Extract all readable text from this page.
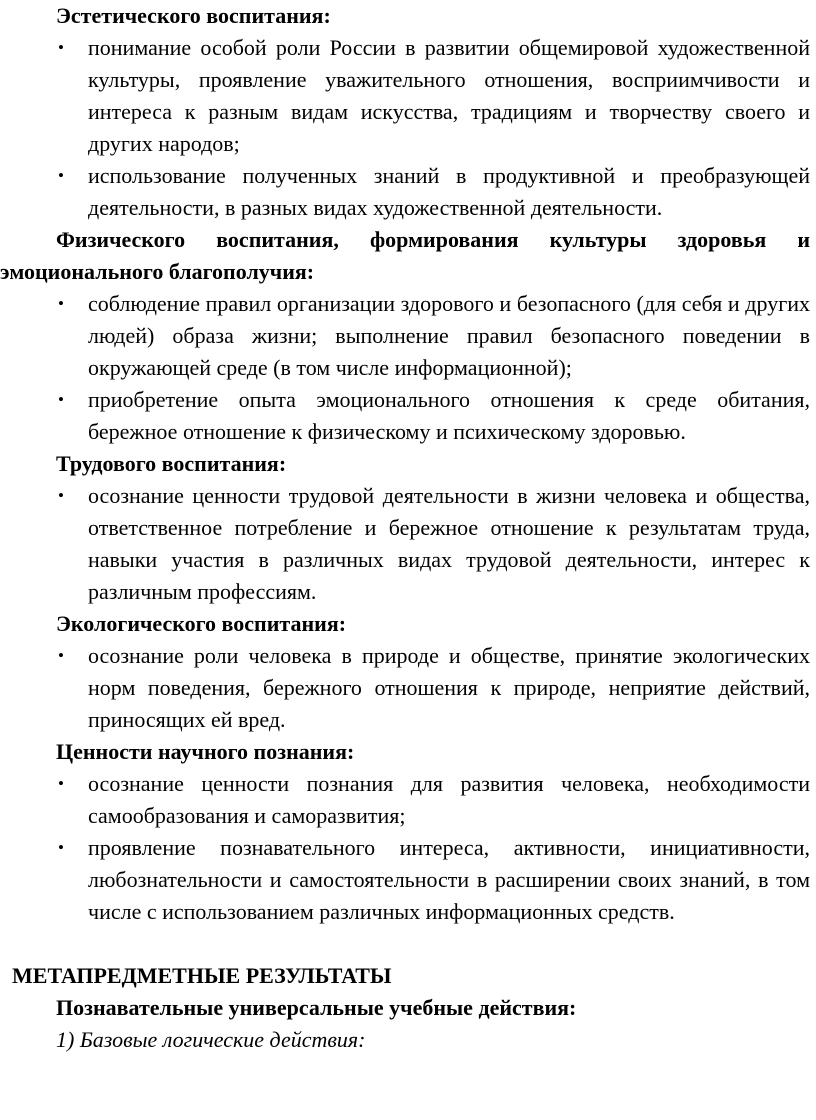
Эстетического воспитания:

• понимание особой роли России в развитии общемировой художественной культуры, проявление уважительного отношения, восприимчивости и интереса к разным видам искусства, традициям и творчеству своего и других народов;
• использование полученных знаний в продуктивной и преобразующей деятельности, в разных видах художественной деятельности.

Физического воспитания, формирования культуры здоровья и эмоционального благополучия:

• соблюдение правил организации здорового и безопасного (для себя и других людей) образа жизни; выполнение правил безопасного поведении в окружающей среде (в том числе информационной);
• приобретение опыта эмоционального отношения к среде обитания, бережное отношение к физическому и психическому здоровью.

Трудового воспитания:

• осознание ценности трудовой деятельности в жизни человека и общества, ответственное потребление и бережное отношение к результатам труда, навыки участия в различных видах трудовой деятельности, интерес к различным профессиям.

Экологического воспитания:

• осознание роли человека в природе и обществе, принятие экологических норм поведения, бережного отношения к природе, неприятие действий, приносящих ей вред.

Ценности научного познания:

• осознание ценности познания для развития человека, необходимости самообразования и саморазвития;
• проявление познавательного интереса, активности, инициативности, любознательности и самостоятельности в расширении своих знаний, в том числе с использованием различных информационных средств.
МЕТАПРЕДМЕТНЫЕ РЕЗУЛЬТАТЫ

Познавательные универсальные учебные действия:

1) Базовые логические действия:
